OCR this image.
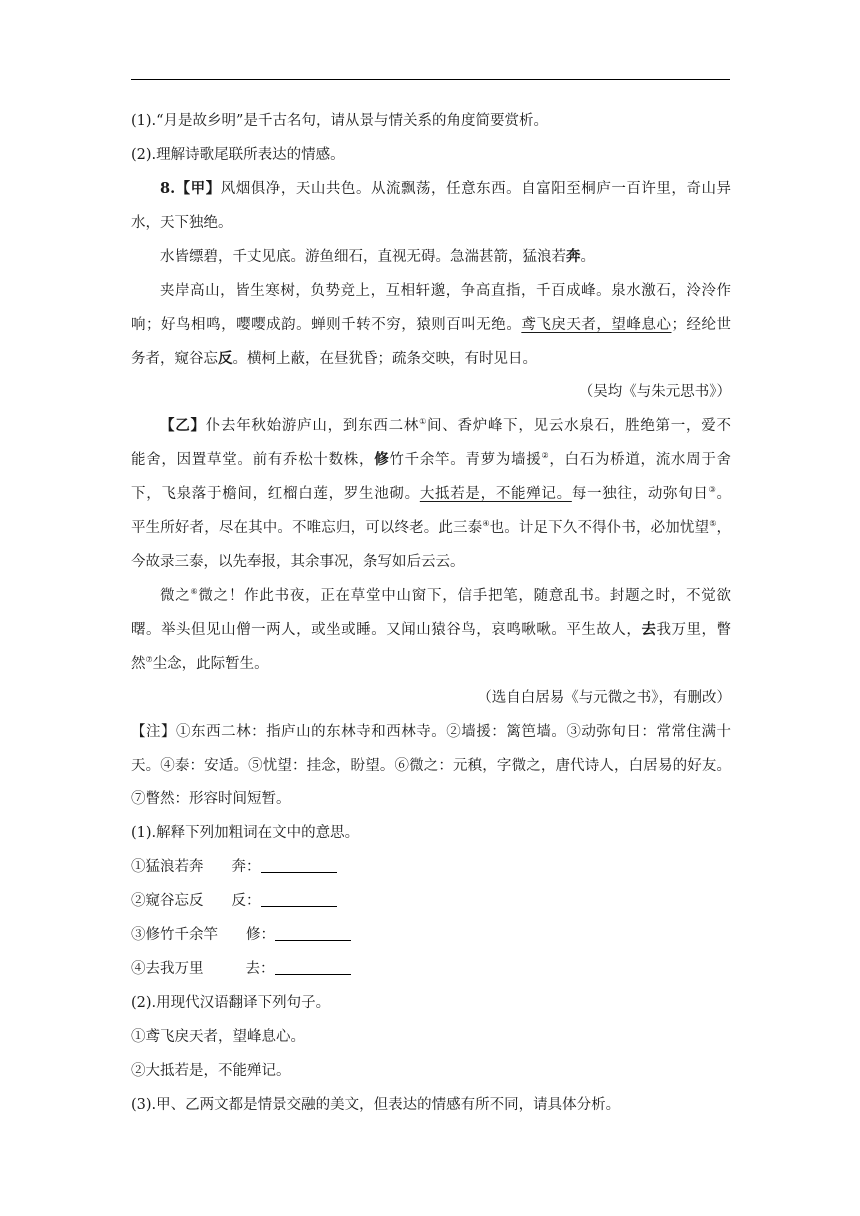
(1).“月是故乡明”是千古名句，请从景与情关系的角度简要赏析。
(2).理解诗歌尾联所表达的情感。
8.【甲】风烟俱净，天山共色。从流飘荡，任意东西。自富阳至桐庐一百许里，奇山异
水，天下独绝。
水皆缥碧，千丈见底。游鱼细石，直视无碍。急湍甚箭，猛浪若奔。
夹岸高山，皆生寒树，负势竞上，互相轩邈，争高直指，千百成峰。泉水激石，泠泠作
响；好鸟相鸣，嘤嘤成韵。蝉则千转不穷，猿则百叫无绝。鸢飞戾天者，望峰息心；经纶世
务者，窥谷忘反。横柯上蔽，在昼犹昏；疏条交映，有时见日。
（吴均《与朱元思书》）
【乙】仆去年秋始游庐山，到东西二林①间、香炉峰下，见云水泉石，胜绝第一，爱不
能舍，因置草堂。前有乔松十数株，修竹千余竿。青萝为墙援②，白石为桥道，流水周于舍
下，飞泉落于檐间，红榴白莲，罗生池砌。大抵若是，不能殚记。每一独往，动弥旬日③。
平生所好者，尽在其中。不唯忘归，可以终老。此三泰④也。计足下久不得仆书，必加忧望⑤，
今故录三泰，以先奉报，其余事况，条写如后云云。
微之⑥微之！作此书夜，正在草堂中山窗下，信手把笔，随意乱书。封题之时，不觉欲
曙。举头但见山僧一两人，或坐或睡。又闻山猿谷鸟，哀鸣啾啾。平生故人，去我万里，瞥
然⑦尘念，此际暂生。
（选自白居易《与元微之书》，有删改）
【注】①东西二林：指庐山的东林寺和西林寺。②墙援：篱笆墙。③动弥旬日：常常住满十
天。④泰：安适。⑤忧望：挂念，盼望。⑥微之：元稹，字微之，唐代诗人，白居易的好友。
⑦瞥然：形容时间短暂。
(1).解释下列加粗词在文中的意思。
①猛浪若奔 奔：
②窥谷忘反 反：
③修竹千余竿 修：
④去我万里	去：
(2).用现代汉语翻译下列句子。
①鸢飞戾天者，望峰息心。
②大抵若是，不能殚记。
(3).甲、乙两文都是情景交融的美文，但表达的情感有所不同，请具体分析。
